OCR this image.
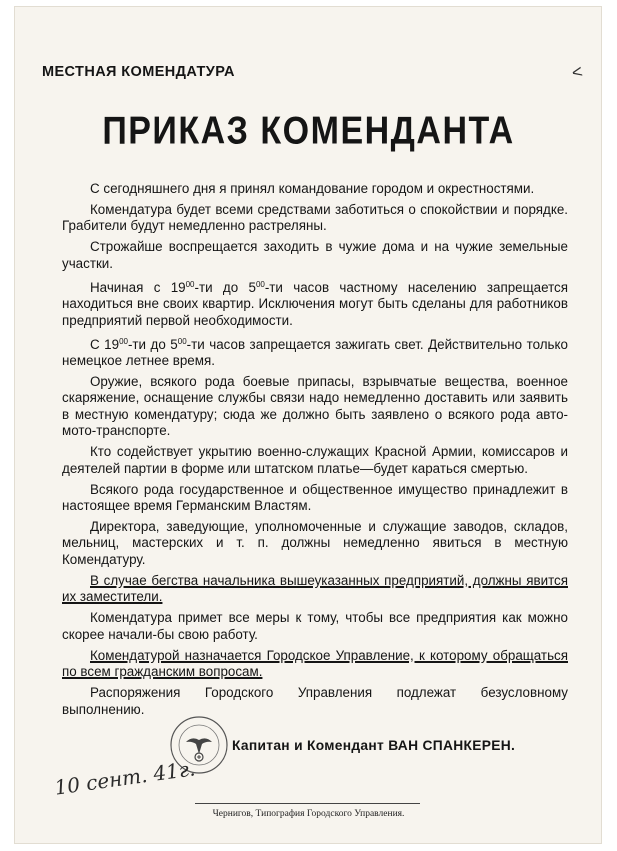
МЕСТНАЯ КОМЕНДАТУРА	˂
ПРИКАЗ КОМЕНДАНТА

С сегодняшнего дня я принял командование городом и окрестностями.

Комендатура будет всеми средствами заботиться о спокойствии и порядке. Грабители будут немедленно растреляны.

Строжайше воспрещается заходить в чужие дома и на чужие земельные участки.

Начиная с $19^{00}-ти$ до $5^{00}-ти$ часов частному населению запрещается находиться вне своих квартир. Исключения могут быть сделаны для работников предприятий первой необходимости.

С $19^{00}-ти$ до $5^{00}-ти$ часов запрещается зажигать свет. Действительно только немецкое летнее время.

Оружие, всякого рода боевые припасы, взрывчатые вещества, военное скаряжение, оснащение службы связи надо немедленно доставить или заявить в местную комендатуру; сюда же должно быть заявлено о всякого рода авто-мото-транспорте.

Кто содействует укрытию военно-служащих Красной Армии, комиссаров и деятелей партии в форме или штатском платье—будет караться смертью.

Всякого рода государственное и общественное имущество принадлежит в настоящее время Германским Властям.

Директора, заведующие, уполномоченные и служащие заводов, складов, мельниц, мастерских и т. п. должны немедленно явиться в местную Комендатуру.

В случае бегства начальника вышеуказанных предприятий, должны явится их заместители.

Комендатура примет все меры к тому, чтобы все предприятия как можно скорее начали-бы свою работу.

Комендатурой назначается Городское Управление, к которому обращаться по всем гражданским вопросам.

Распоряжения Городского Управления подлежат безусловному выполнению.

Капитан и Комендант ВАН СПАНКЕРЕН.
10 сент. 41г.
Чернигов, Типография Городского Управления.
